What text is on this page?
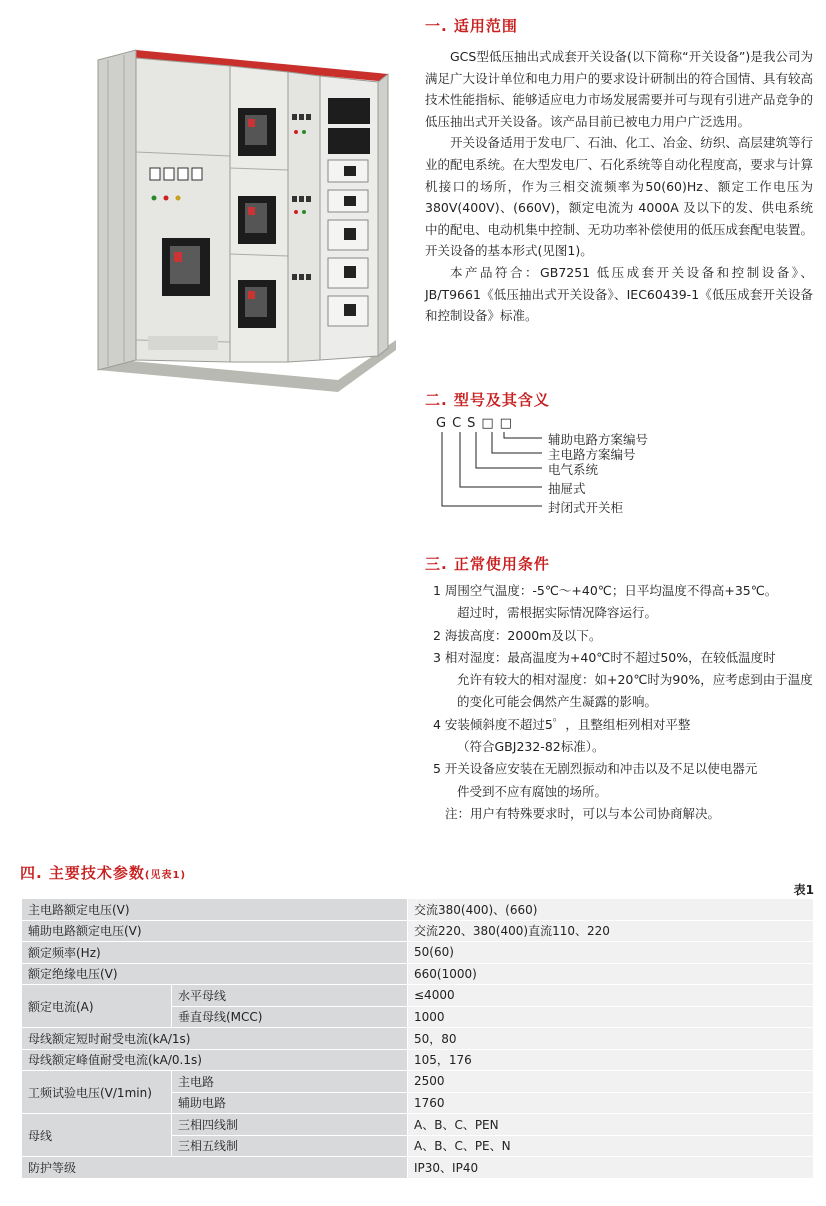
一. 适用范围

GCS型低压抽出式成套开关设备(以下简称“开关设备”)是我公司为满足广大设计单位和电力用户的要求设计研制出的符合国情、具有较高技术性能指标、能够适应电力市场发展需要并可与现有引进产品竞争的低压抽出式开关设备。该产品目前已被电力用户广泛选用。

开关设备适用于发电厂、石油、化工、冶金、纺织、高层建筑等行业的配电系统。在大型发电厂、石化系统等自动化程度高，要求与计算机接口的场所，作为三相交流频率为50(60)Hz、额定工作电压为380V(400V)、(660V)，额定电流为 4000A 及以下的发、供电系统中的配电、电动机集中控制、无功功率补偿使用的低压成套配电装置。开关设备的基本形式(见图1)。

本产品符合：GB7251 低压成套开关设备和控制设备》、JB/T9661《低压抽出式开关设备》、IEC60439-1《低压成套开关设备和控制设备》标准。

二. 型号及其含义
GCS□□
辅助电路方案编号
主电路方案编号
电气系统
抽屉式
封闭式开关柜
三. 正常使用条件
1 周围空气温度：-5℃～+40℃；日平均温度不得高+35℃。
超过时，需根据实际情况降容运行。
2 海拔高度：2000m及以下。
3 相对湿度：最高温度为+40℃时不超过50%，在较低温度时
允许有较大的相对湿度：如+20℃时为90%，应考虑到由于温度的变化可能会偶然产生凝露的影响。
4 安装倾斜度不超过5゜，且整组柜列相对平整
（符合GBJ232-82标准）。
5 开关设备应安装在无剧烈振动和冲击以及不足以使电器元
件受到不应有腐蚀的场所。
注：用户有特殊要求时，可以与本公司协商解决。
四. 主要技术参数(见表1)
表1
主电路额定电压(V)		交流380(400)、(660)
辅助电路额定电压(V)		交流220、380(400)直流110、220
额定频率(Hz)		50(60)
额定绝缘电压(V)		660(1000)
额定电流(A)	水平母线	≤4000
	垂直母线(MCC)	1000
母线额定短时耐受电流(kA/1s)		50，80
母线额定峰值耐受电流(kA/0.1s)		105，176
工频试验电压(V/1min)	主电路	2500
	辅助电路	1760
母线	三相四线制	A、B、C、PEN
	三相五线制	A、B、C、PE、N
防护等级		IP30、IP40
